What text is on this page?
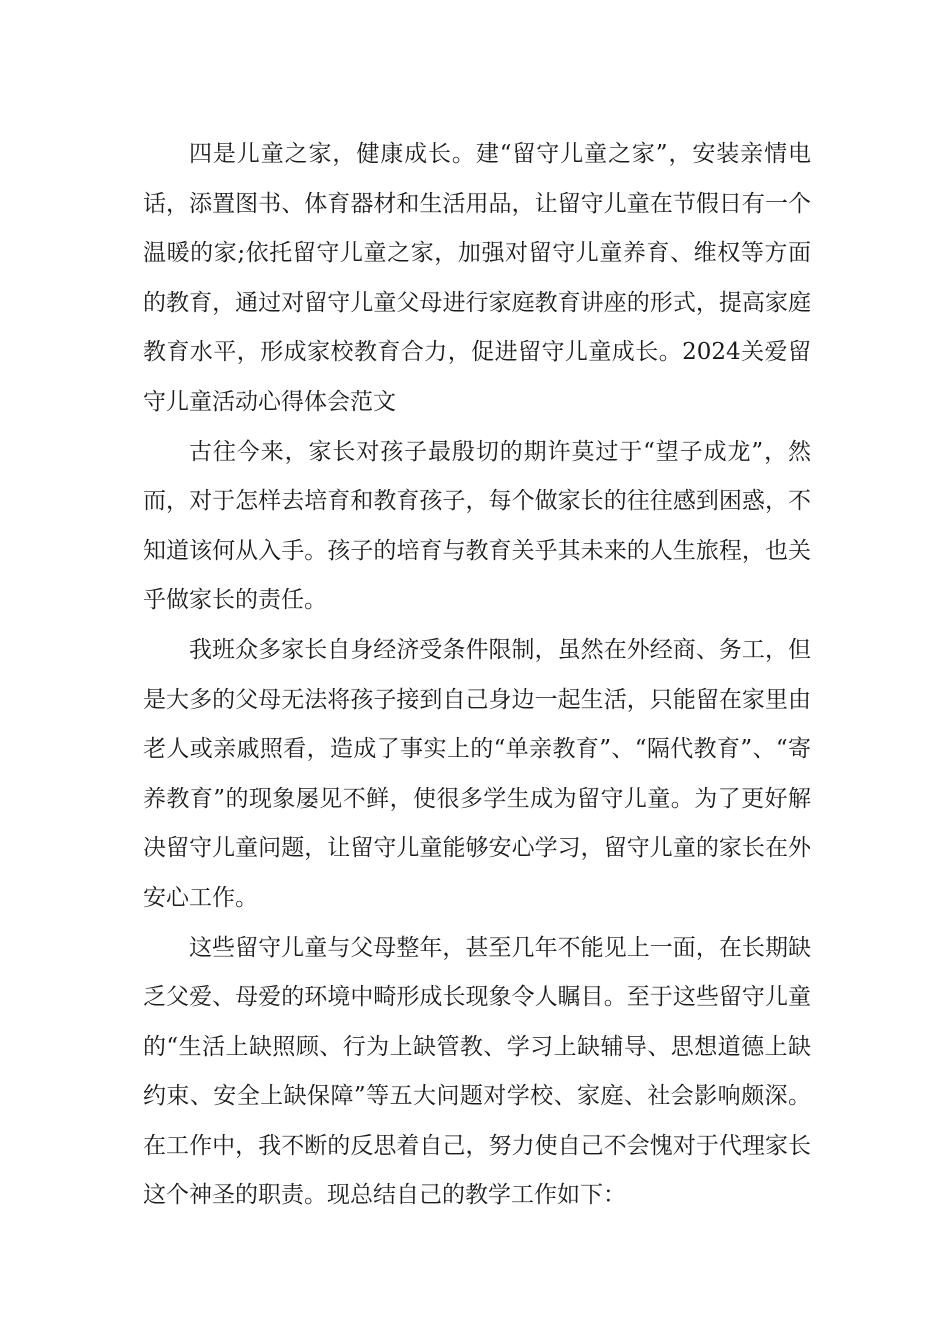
四是儿童之家，健康成长。建“留守儿童之家”，安装亲情电话，添置图书、体育器材和生活用品，让留守儿童在节假日有一个温暖的家;依托留守儿童之家，加强对留守儿童养育、维权等方面的教育，通过对留守儿童父母进行家庭教育讲座的形式，提高家庭教育水平，形成家校教育合力，促进留守儿童成长。2024关爱留守儿童活动心得体会范文

古往今来，家长对孩子最殷切的期许莫过于“望子成龙”，然而，对于怎样去培育和教育孩子，每个做家长的往往感到困惑，不知道该何从入手。孩子的培育与教育关乎其未来的人生旅程，也关乎做家长的责任。

我班众多家长自身经济受条件限制，虽然在外经商、务工，但是大多的父母无法将孩子接到自己身边一起生活，只能留在家里由老人或亲戚照看，造成了事实上的“单亲教育”、“隔代教育”、“寄养教育”的现象屡见不鲜，使很多学生成为留守儿童。为了更好解决留守儿童问题，让留守儿童能够安心学习，留守儿童的家长在外安心工作。

这些留守儿童与父母整年，甚至几年不能见上一面，在长期缺乏父爱、母爱的环境中畸形成长现象令人瞩目。至于这些留守儿童的“生活上缺照顾、行为上缺管教、学习上缺辅导、思想道德上缺约束、安全上缺保障”等五大问题对学校、家庭、社会影响颇深。在工作中，我不断的反思着自己，努力使自己不会愧对于代理家长这个神圣的职责。现总结自己的教学工作如下：
